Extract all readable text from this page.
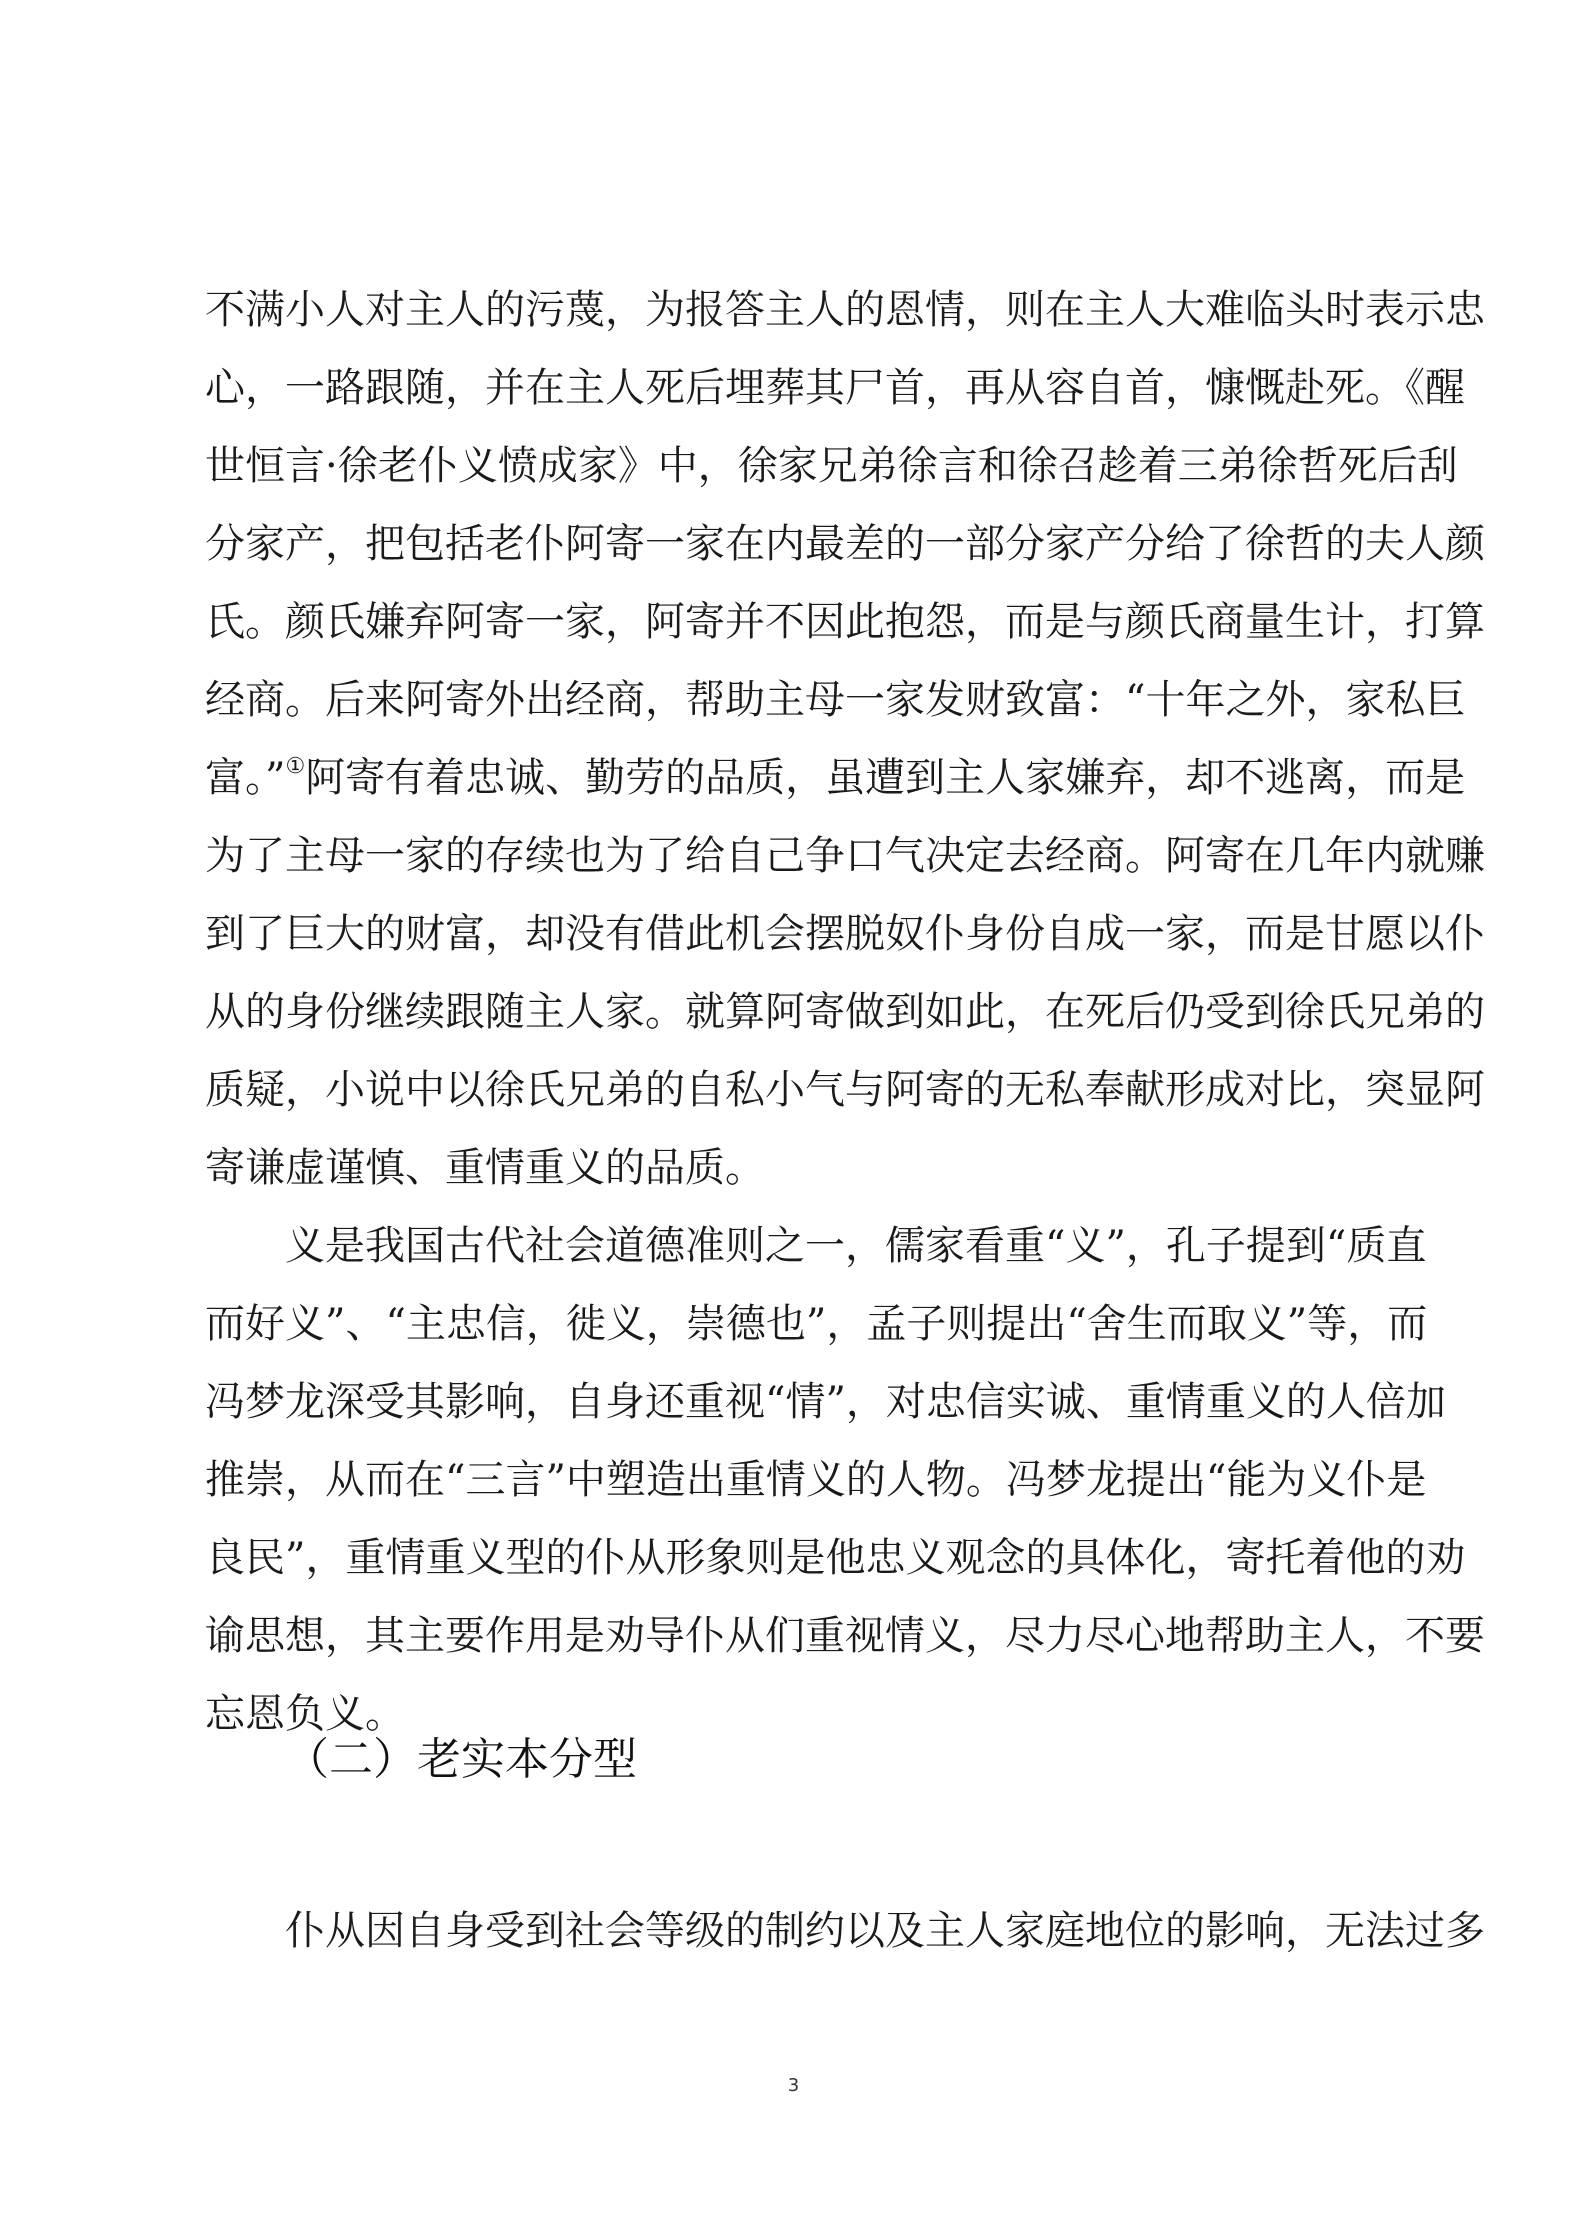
不满小人对主人的污蔑，为报答主人的恩情，则在主人大难临头时表示忠
心，一路跟随，并在主人死后埋葬其尸首，再从容自首，慷慨赴死。《醒
世恒言·徐老仆义愤成家》中，徐家兄弟徐言和徐召趁着三弟徐哲死后刮
分家产，把包括老仆阿寄一家在内最差的一部分家产分给了徐哲的夫人颜
氏。颜氏嫌弃阿寄一家，阿寄并不因此抱怨，而是与颜氏商量生计，打算
经商。后来阿寄外出经商，帮助主母一家发财致富：“十年之外，家私巨
富。”①阿寄有着忠诚、勤劳的品质，虽遭到主人家嫌弃，却不逃离，而是
为了主母一家的存续也为了给自己争口气决定去经商。阿寄在几年内就赚
到了巨大的财富，却没有借此机会摆脱奴仆身份自成一家，而是甘愿以仆
从的身份继续跟随主人家。就算阿寄做到如此，在死后仍受到徐氏兄弟的
质疑，小说中以徐氏兄弟的自私小气与阿寄的无私奉献形成对比，突显阿
寄谦虚谨慎、重情重义的品质。
义是我国古代社会道德准则之一，儒家看重“义”，孔子提到“质直
而好义”、“主忠信，徙义，崇德也”，孟子则提出“舍生而取义”等，而
冯梦龙深受其影响，自身还重视“情”，对忠信实诚、重情重义的人倍加
推崇，从而在“三言”中塑造出重情义的人物。冯梦龙提出“能为义仆是
良民”，重情重义型的仆从形象则是他忠义观念的具体化，寄托着他的劝
谕思想，其主要作用是劝导仆从们重视情义，尽力尽心地帮助主人，不要
忘恩负义。
（二）老实本分型
仆从因自身受到社会等级的制约以及主人家庭地位的影响，无法过多
3
